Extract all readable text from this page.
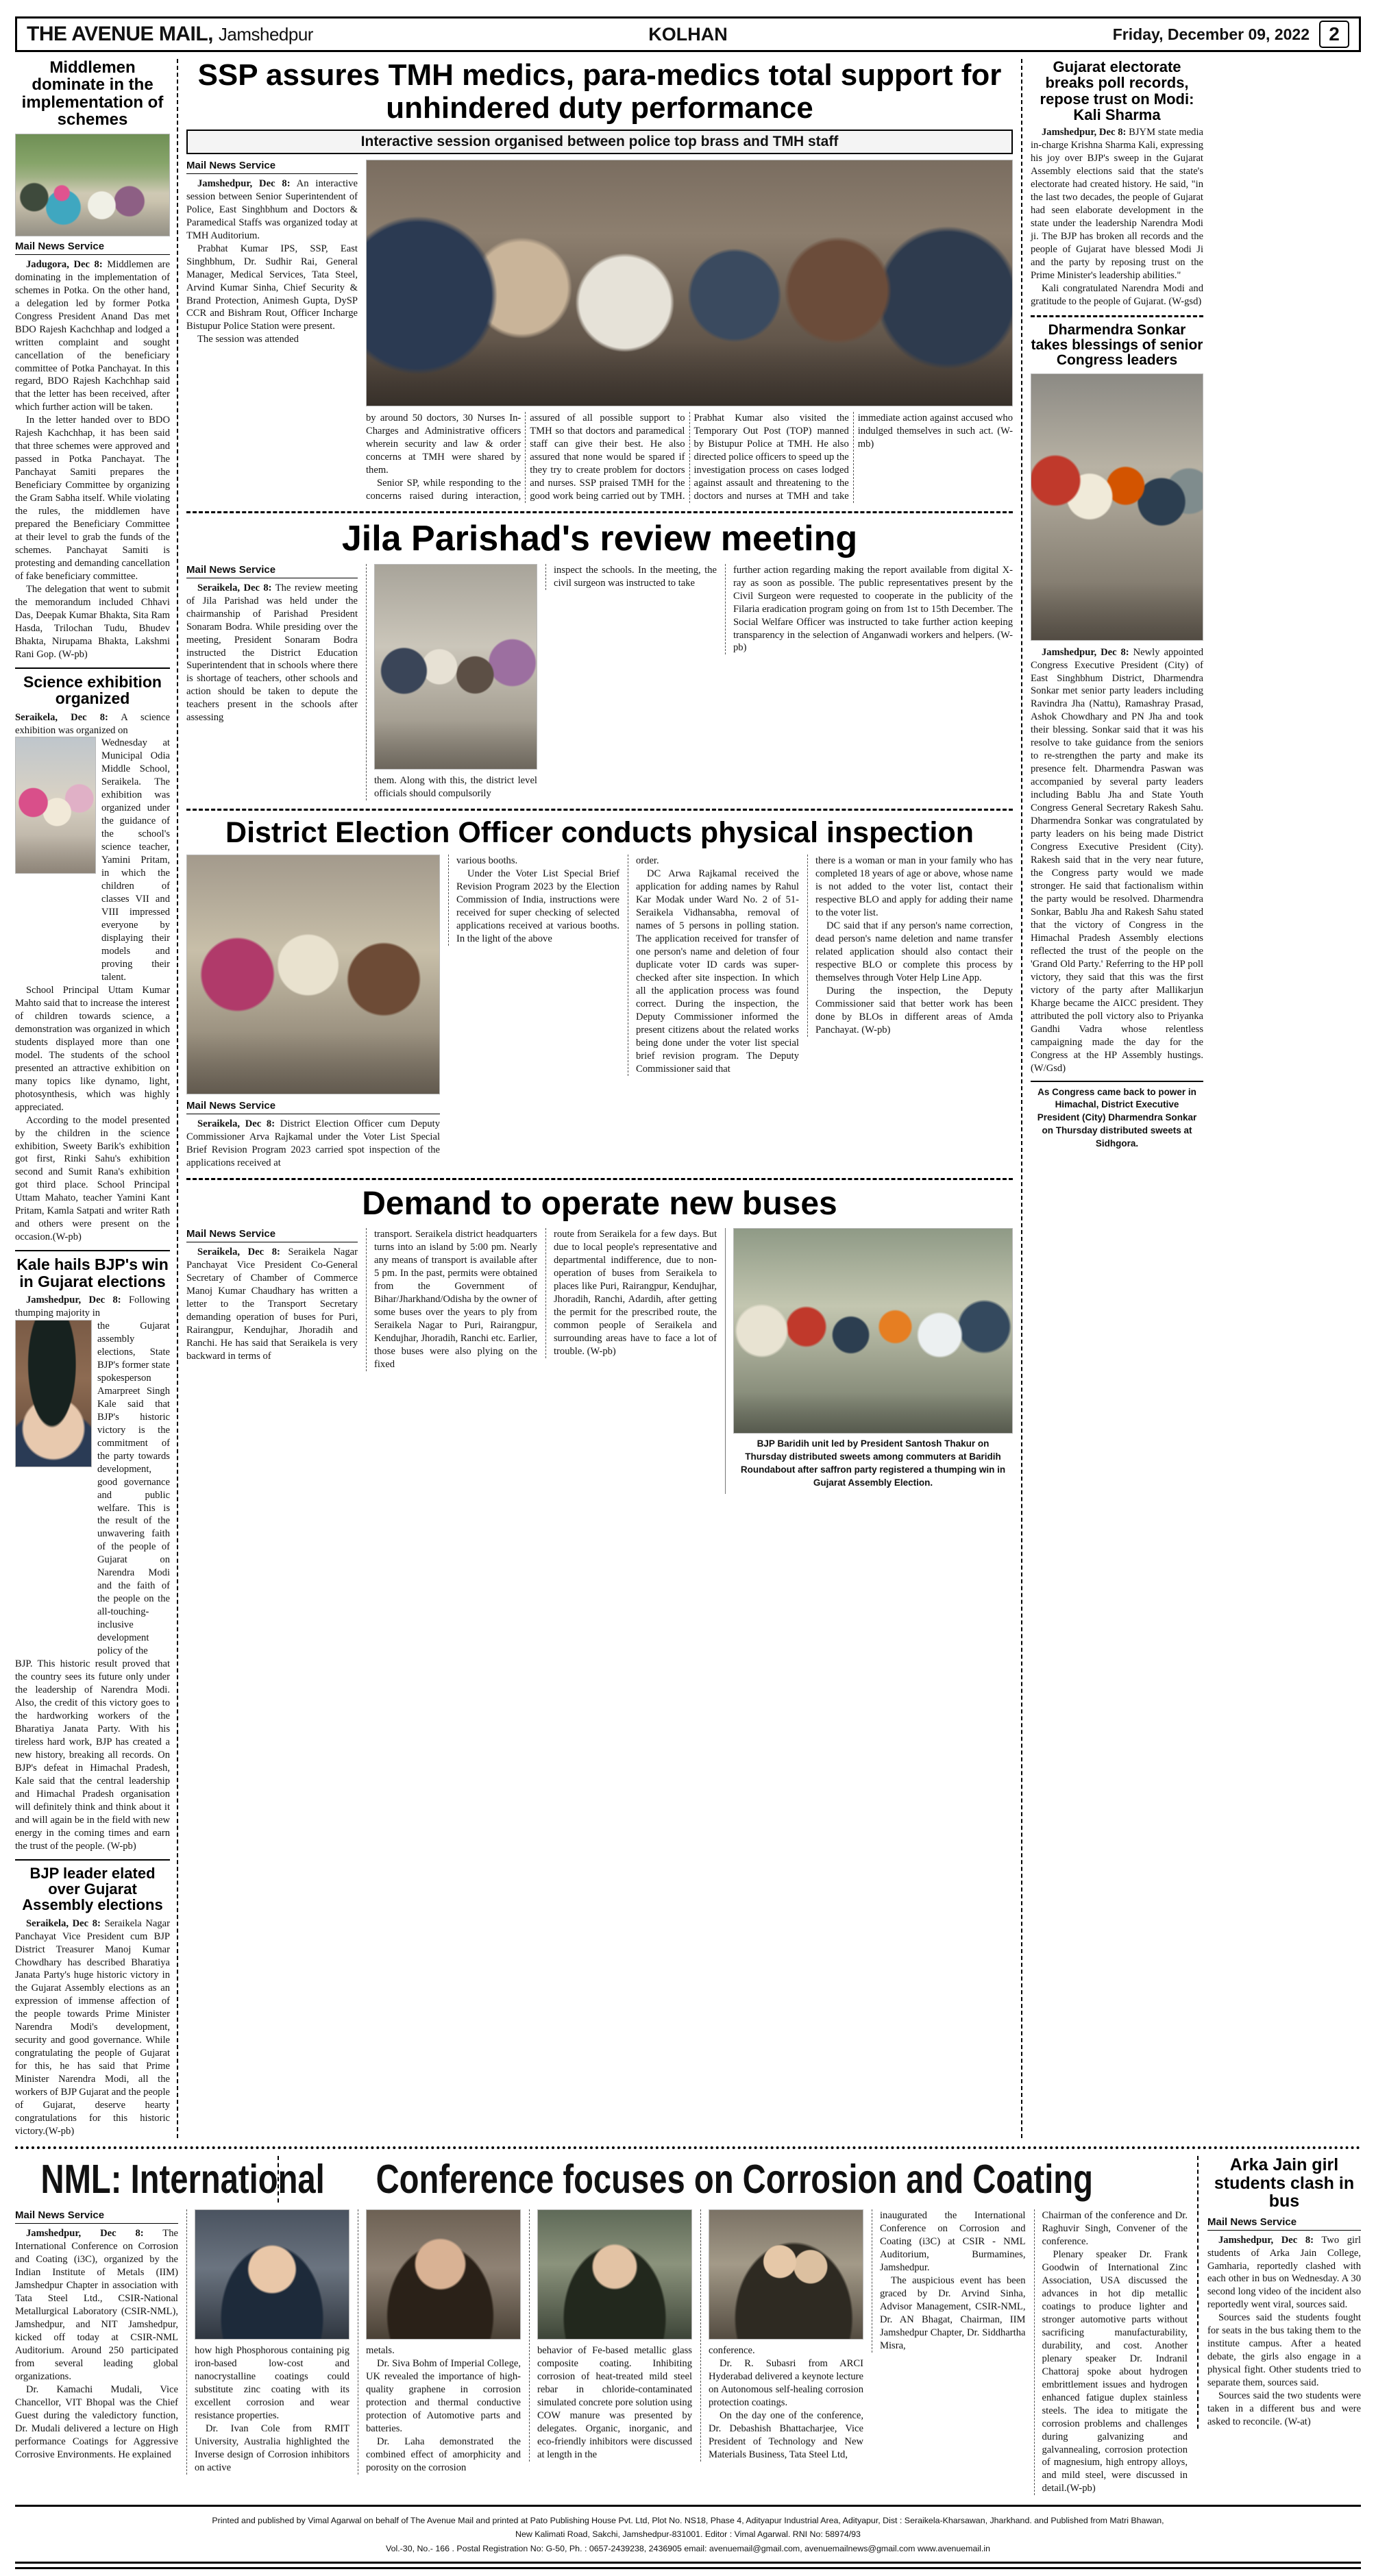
THE AVENUE MAIL, Jamshedpur	KOLHAN	Friday, December 09, 2022	2
Middlemen dominate in the implementation of schemes
Mail News Service

Jadugora, Dec 8: Middlemen are dominating in the implementation of schemes in Potka. On the other hand, a delegation led by former Potka Congress President Anand Das met BDO Rajesh Kachchhap and lodged a written complaint and sought cancellation of the beneficiary committee of Potka Panchayat. In this regard, BDO Rajesh Kachchhap said that the letter has been received, after which further action will be taken.

In the letter handed over to BDO Rajesh Kachchhap, it has been said that three schemes were approved and passed in Potka Panchayat. The Panchayat Samiti prepares the Beneficiary Committee by organizing the Gram Sabha itself. While violating the rules, the middlemen have prepared the Beneficiary Committee at their level to grab the funds of the schemes. Panchayat Samiti is protesting and demanding cancellation of fake beneficiary committee.

The delegation that went to submit the memorandum included Chhavi Das, Deepak Kumar Bhakta, Sita Ram Hasda, Trilochan Tudu, Bhudev Bhakta, Nirupama Bhakta, Lakshmi Rani Gop. (W-pb)

Science exhibition organized

Seraikela, Dec 8: A science exhibition was organized on

Wednesday at Municipal Odia Middle School, Seraikela. The exhibition was organized under the guidance of the school's science teacher, Yamini Pritam, in which the children of classes VII and VIII impressed everyone by displaying their models and proving their talent.

School Principal Uttam Kumar Mahto said that to increase the interest of children towards science, a demonstration was organized in which students displayed more than one model. The students of the school presented an attractive exhibition on many topics like dynamo, light, photosynthesis, which was highly appreciated.

According to the model presented by the children in the science exhibition, Sweety Barik's exhibition got first, Rinki Sahu's exhibition second and Sumit Rana's exhibition got third place. School Principal Uttam Mahato, teacher Yamini Kant Pritam, Kamla Satpati and writer Rath and others were present on the occasion.(W-pb)

Kale hails BJP's win in Gujarat elections

Jamshedpur, Dec 8: Following thumping majority in

the Gujarat assembly elections, State BJP's former state spokesperson Amarpreet Singh Kale said that BJP's historic victory is the commitment of the party towards development, good governance and public welfare. This is the result of the unwavering faith of the people of Gujarat on Narendra Modi and the faith of the people on the all-touching-inclusive development policy of the
BJP. This historic result proved that the country sees its future only under the leadership of Narendra Modi. Also, the credit of this victory goes to the hardworking workers of the Bharatiya Janata Party. With his tireless hard work, BJP has created a new history, breaking all records. On BJP's defeat in Himachal Pradesh, Kale said that the central leadership and Himachal Pradesh organisation will definitely think and think about it and will again be in the field with new energy in the coming times and earn the trust of the people. (W-pb)
BJP leader elated over Gujarat Assembly elections

Seraikela, Dec 8: Seraikela Nagar Panchayat Vice President cum BJP District Treasurer Manoj Kumar Chowdhary has described Bharatiya Janata Party's huge historic victory in the Gujarat Assembly elections as an expression of immense affection of the people towards Prime Minister Narendra Modi's development, security and good governance. While congratulating the people of Gujarat for this, he has said that Prime Minister Narendra Modi, all the workers of BJP Gujarat and the people of Gujarat, deserve hearty congratulations for this historic victory.(W-pb)

SSP assures TMH medics, para-medics total support for unhindered duty performance
Interactive session organised between police top brass and TMH staff
Mail News Service

Jamshedpur, Dec 8: An interactive session between Senior Superintendent of Police, East Singhbhum and Doctors & Paramedical Staffs was organized today at TMH Auditorium.

Prabhat Kumar IPS, SSP, East Singhbhum, Dr. Sudhir Rai, General Manager, Medical Services, Tata Steel, Arvind Kumar Sinha, Chief Security & Brand Protection, Animesh Gupta, DySP CCR and Bishram Rout, Officer Incharge Bistupur Police Station were present.

The session was attended

by around 50 doctors, 30 Nurses In-Charges and Administrative officers wherein security and law & order concerns at TMH were shared by them.

Senior SP, while responding to the concerns raised during interaction, assured of all possible support to TMH so that doctors and paramedical staff can give their best. He also assured that none would be spared if they try to create problem for doctors and nurses. SSP praised TMH for the good work being carried out by TMH. Prabhat Kumar also visited the Temporary Out Post (TOP) manned by Bistupur Police at TMH. He also directed police officers to speed up the investigation process on cases lodged against assault and threatening to the doctors and nurses at TMH and take immediate action against accused who indulged themselves in such act. (W-mb)

Jila Parishad's review meeting
Mail News Service

Seraikela, Dec 8: The review meeting of Jila Parishad was held under the chairmanship of Parishad President Sonaram Bodra. While presiding over the meeting, President Sonaram Bodra instructed the District Education Superintendent that in schools where there is shortage of teachers, other schools and action should be taken to depute the teachers present in the schools after assessing

them. Along with this, the district level officials should compulsorily
inspect the schools. In the meeting, the civil surgeon was instructed to take
further action regarding making the report available from digital X-ray as soon as possible. The public representatives present by the Civil Surgeon were requested to cooperate in the publicity of the Filaria eradication program going on from 1st to 15th December. The Social Welfare Officer was instructed to take further action keeping transparency in the selection of Anganwadi workers and helpers. (W-pb)
District Election Officer conducts physical inspection
Mail News Service

Seraikela, Dec 8: District Election Officer cum Deputy Commissioner Arva Rajkamal under the Voter List Special Brief Revision Program 2023 carried spot inspection of the applications received at

various booths.

Under the Voter List Special Brief Revision Program 2023 by the Election Commission of India, instructions were received for super checking of selected applications received at various booths. In the light of the above

order.

DC Arwa Rajkamal received the application for adding names by Rahul Kar Modak under Ward No. 2 of 51-Seraikela Vidhansabha, removal of names of 5 persons in polling station. The application received for transfer of one person's name and deletion of four duplicate voter ID cards was super-checked after site inspection. In which all the application process was found correct. During the inspection, the Deputy Commissioner informed the present citizens about the related works being done under the voter list special brief revision program. The Deputy Commissioner said that

there is a woman or man in your family who has completed 18 years of age or above, whose name is not added to the voter list, contact their respective BLO and apply for adding their name to the voter list.

DC said that if any person's name correction, dead person's name deletion and name transfer related application should also contact their respective BLO or complete this process by themselves through Voter Help Line App.

During the inspection, the Deputy Commissioner said that better work has been done by BLOs in different areas of Amda Panchayat. (W-pb)

Demand to operate new buses
Mail News Service

Seraikela, Dec 8: Seraikela Nagar Panchayat Vice President Co-General Secretary of Chamber of Commerce Manoj Kumar Chaudhary has written a letter to the Transport Secretary demanding operation of buses for Puri, Rairangpur, Kendujhar, Jhoradih and Ranchi. He has said that Seraikela is very backward in terms of

transport. Seraikela district headquarters turns into an island by 5:00 pm. Nearly any means of transport is available after 5 pm. In the past, permits were obtained from the Government of Bihar/Jharkhand/Odisha by the owner of some buses over the years to ply from Seraikela Nagar to Puri, Rairangpur, Kendujhar, Jhoradih, Ranchi etc. Earlier, those buses were also plying on the fixed
route from Seraikela for a few days. But due to local people's representative and departmental indifference, due to non-operation of buses from Seraikela to places like Puri, Rairangpur, Kendujhar, Jhoradih, Ranchi, Adardih, after getting the permit for the prescribed route, the common people of Seraikela and surrounding areas have to face a lot of trouble. (W-pb)
BJP Baridih unit led by President Santosh Thakur on Thursday distributed sweets among commuters at Baridih Roundabout after saffron party registered a thumping win in Gujarat Assembly Election.
Gujarat electorate breaks poll records, repose trust on Modi: Kali Sharma

Jamshedpur, Dec 8: BJYM state media in-charge Krishna Sharma Kali, expressing his joy over BJP's sweep in the Gujarat Assembly elections said that the state's electorate had created history. He said, "in the last two decades, the people of Gujarat had seen elaborate development in the state under the leadership Narendra Modi ji. The BJP has broken all records and the people of Gujarat have blessed Modi Ji and the party by reposing trust on the Prime Minister's leadership abilities."

Kali congratulated Narendra Modi and gratitude to the people of Gujarat. (W-gsd)

Dharmendra Sonkar takes blessings of senior Congress leaders

Jamshedpur, Dec 8: Newly appointed Congress Executive President (City) of East Singhbhum District, Dharmendra Sonkar met senior party leaders including Ravindra Jha (Nattu), Ramashray Prasad, Ashok Chowdhary and PN Jha and took their blessing. Sonkar said that it was his resolve to take guidance from the seniors to re-strengthen the party and make its presence felt. Dharmendra Paswan was accompanied by several party leaders including Bablu Jha and State Youth Congress General Secretary Rakesh Sahu. Dharmendra Sonkar was congratulated by party leaders on his being made District Congress Executive President (City). Rakesh said that in the very near future, the Congress party would we made stronger. He said that factionalism within the party would be resolved. Dharmendra Sonkar, Bablu Jha and Rakesh Sahu stated that the victory of Congress in the Himachal Pradesh Assembly elections reflected the trust of the people on the 'Grand Old Party.' Referring to the HP poll victory, they said that this was the first victory of the party after Mallikarjun Kharge became the AICC president. They attributed the poll victory also to Priyanka Gandhi Vadra whose relentless campaigning made the day for the Congress at the HP Assembly hustings. (W/Gsd)

As Congress came back to power in Himachal, District Executive President (City) Dharmendra Sonkar on Thursday distributed sweets at Sidhgora.
NML: International Conference focuses on Corrosion and Coating
Mail News Service

Jamshedpur, Dec 8: The International Conference on Corrosion and Coating (i3C), organized by the Indian Institute of Metals (IIM) Jamshedpur Chapter in association with Tata Steel Ltd., CSIR-National Metallurgical Laboratory (CSIR-NML), Jamshedpur, and NIT Jamshedpur, kicked off today at CSIR-NML Auditorium. Around 250 participated from several leading global organizations.

Dr. Kamachi Mudali, Vice Chancellor, VIT Bhopal was the Chief Guest during the valedictory function, Dr. Mudali delivered a lecture on High performance Coatings for Aggressive Corrosive Environments. He explained

how high Phosphorous containing pig iron-based low-cost and nanocrystalline coatings could substitute zinc coating with its excellent corrosion and wear resistance properties.

Dr. Ivan Cole from RMIT University, Australia highlighted the Inverse design of Corrosion inhibitors on active

metals.

Dr. Siva Bohm of Imperial College, UK revealed the importance of high-quality graphene in corrosion protection and thermal conductive protection of Automotive parts and batteries.

Dr. Laha demonstrated the combined effect of amorphicity and porosity on the corrosion

behavior of Fe-based metallic glass composite coating. Inhibiting corrosion of heat-treated mild steel rebar in chloride-contaminated simulated concrete pore solution using COW manure was presented by delegates. Organic, inorganic, and eco-friendly inhibitors were discussed at length in the
conference.

Dr. R. Subasri from ARCI Hyderabad delivered a keynote lecture on Autonomous self-healing corrosion protection coatings.

On the day one of the conference, Dr. Debashish Bhattacharjee, Vice President of Technology and New Materials Business, Tata Steel Ltd,

inaugurated the International Conference on Corrosion and Coating (i3C) at CSIR - NML Auditorium, Burmamines, Jamshedpur.

The auspicious event has been graced by Dr. Arvind Sinha, Advisor Management, CSIR-NML, Dr. AN Bhagat, Chairman, IIM Jamshedpur Chapter, Dr. Siddhartha Misra,

Chairman of the conference and Dr. Raghuvir Singh, Convener of the conference.

Plenary speaker Dr. Frank Goodwin of International Zinc Association, USA discussed the advances in hot dip metallic coatings to produce lighter and stronger automotive parts without sacrificing manufacturability, durability, and cost. Another plenary speaker Dr. Indranil Chattoraj spoke about hydrogen embrittlement issues and hydrogen enhanced fatigue duplex stainless steels. The idea to mitigate the corrosion problems and challenges during galvanizing and galvannealing, corrosion protection of magnesium, high entropy alloys, and mild steel, were discussed in detail.(W-pb)

Arka Jain girl students clash in bus
Mail News Service

Jamshedpur, Dec 8: Two girl students of Arka Jain College, Gamharia, reportedly clashed with each other in bus on Wednesday. A 30 second long video of the incident also reportedly went viral, sources said.

Sources said the students fought for seats in the bus taking them to the institute campus. After a heated debate, the girls also engage in a physical fight. Other students tried to separate them, sources said.

Sources said the two students were taken in a different bus and were asked to reconcile. (W-at)

Printed and published by Vimal Agarwal on behalf of The Avenue Mail and printed at Pato Publishing House Pvt. Ltd, Plot No. NS18, Phase 4, Adityapur Industrial Area, Adityapur, Dist : Seraikela-Kharsawan, Jharkhand. and Published from Matri Bhawan,

New Kalimati Road, Sakchi, Jamshedpur-831001. Editor : Vimal Agarwal. RNI No: 58974/93

Vol.-30, No.- 166 . Postal Registration No: G-50, Ph. : 0657-2439238, 2436905 email: avenuemail@gmail.com, avenuemailnews@gmail.com www.avenuemail.in
